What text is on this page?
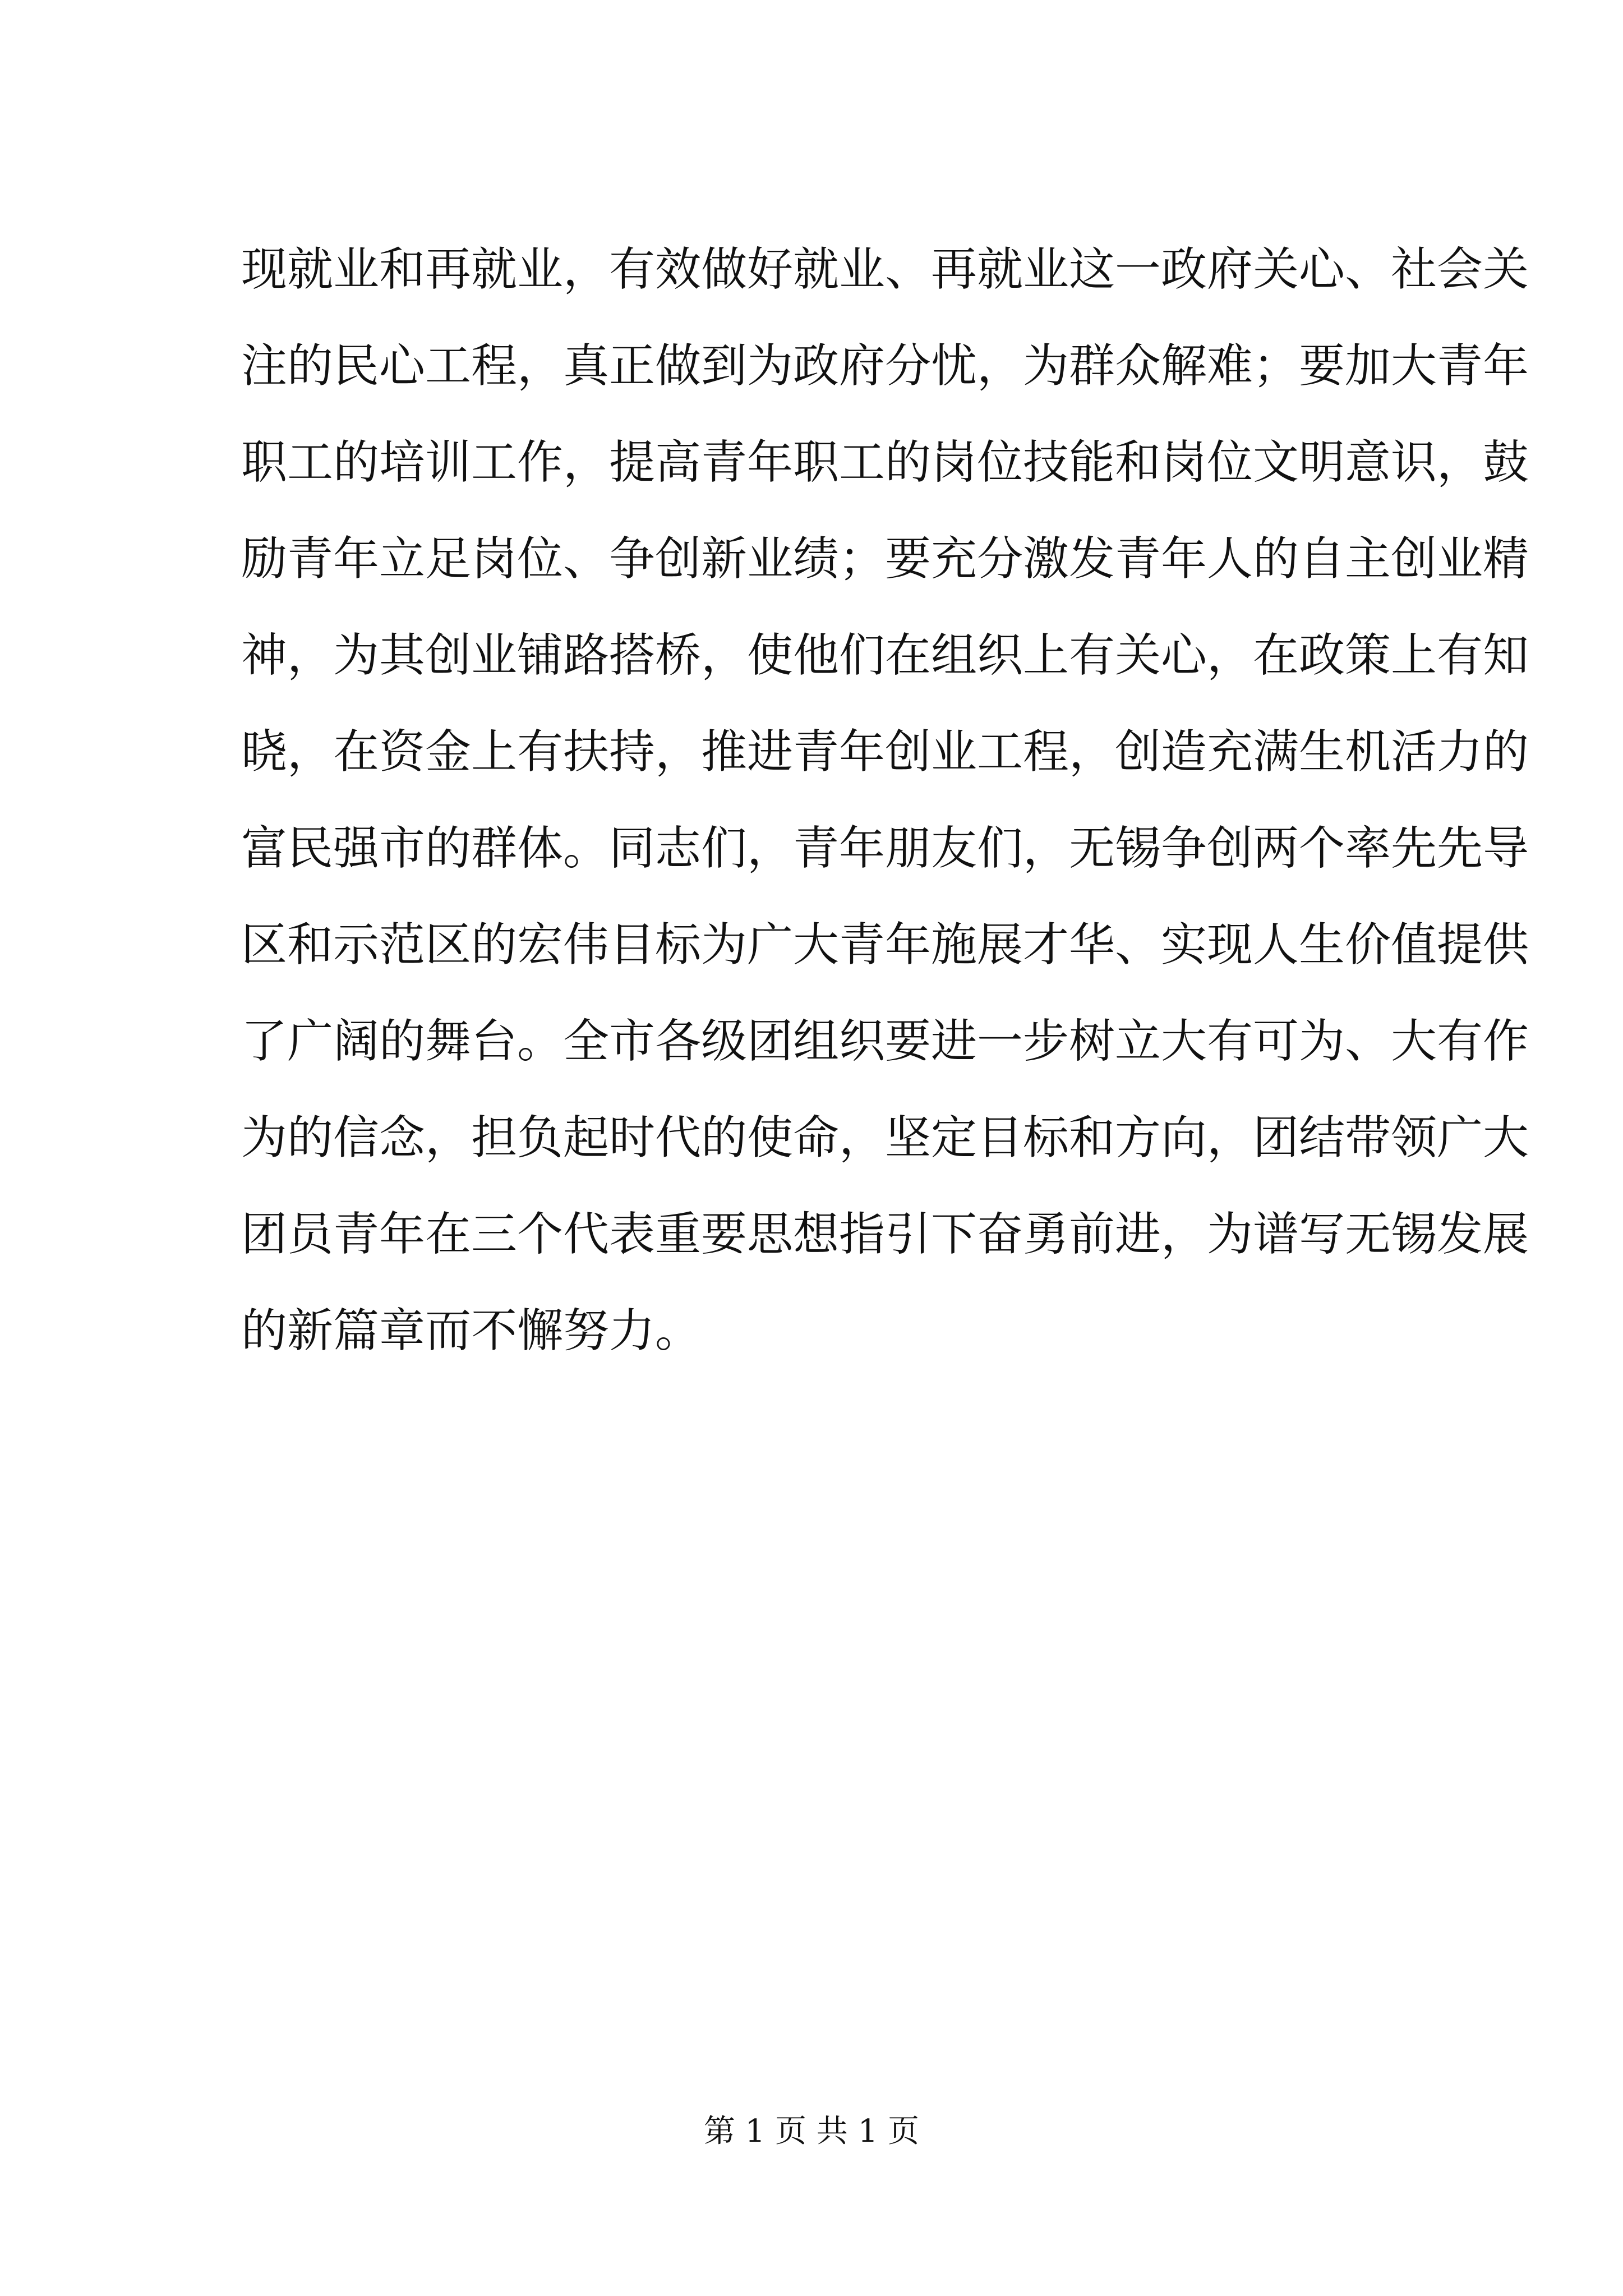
现就业和再就业，有效做好就业、再就业这一政府关心、社会关
注的民心工程，真正做到为政府分忧，为群众解难；要加大青年
职工的培训工作，提高青年职工的岗位技能和岗位文明意识，鼓
励青年立足岗位、争创新业绩；要充分激发青年人的自主创业精
神，为其创业铺路搭桥，使他们在组织上有关心，在政策上有知
晓，在资金上有扶持，推进青年创业工程，创造充满生机活力的
富民强市的群体。同志们，青年朋友们，无锡争创两个率先先导
区和示范区的宏伟目标为广大青年施展才华、实现人生价值提供
了广阔的舞台。全市各级团组织要进一步树立大有可为、大有作
为的信念，担负起时代的使命，坚定目标和方向，团结带领广大
团员青年在三个代表重要思想指引下奋勇前进，为谱写无锡发展
的新篇章而不懈努力。
第 1 页 共 1 页
